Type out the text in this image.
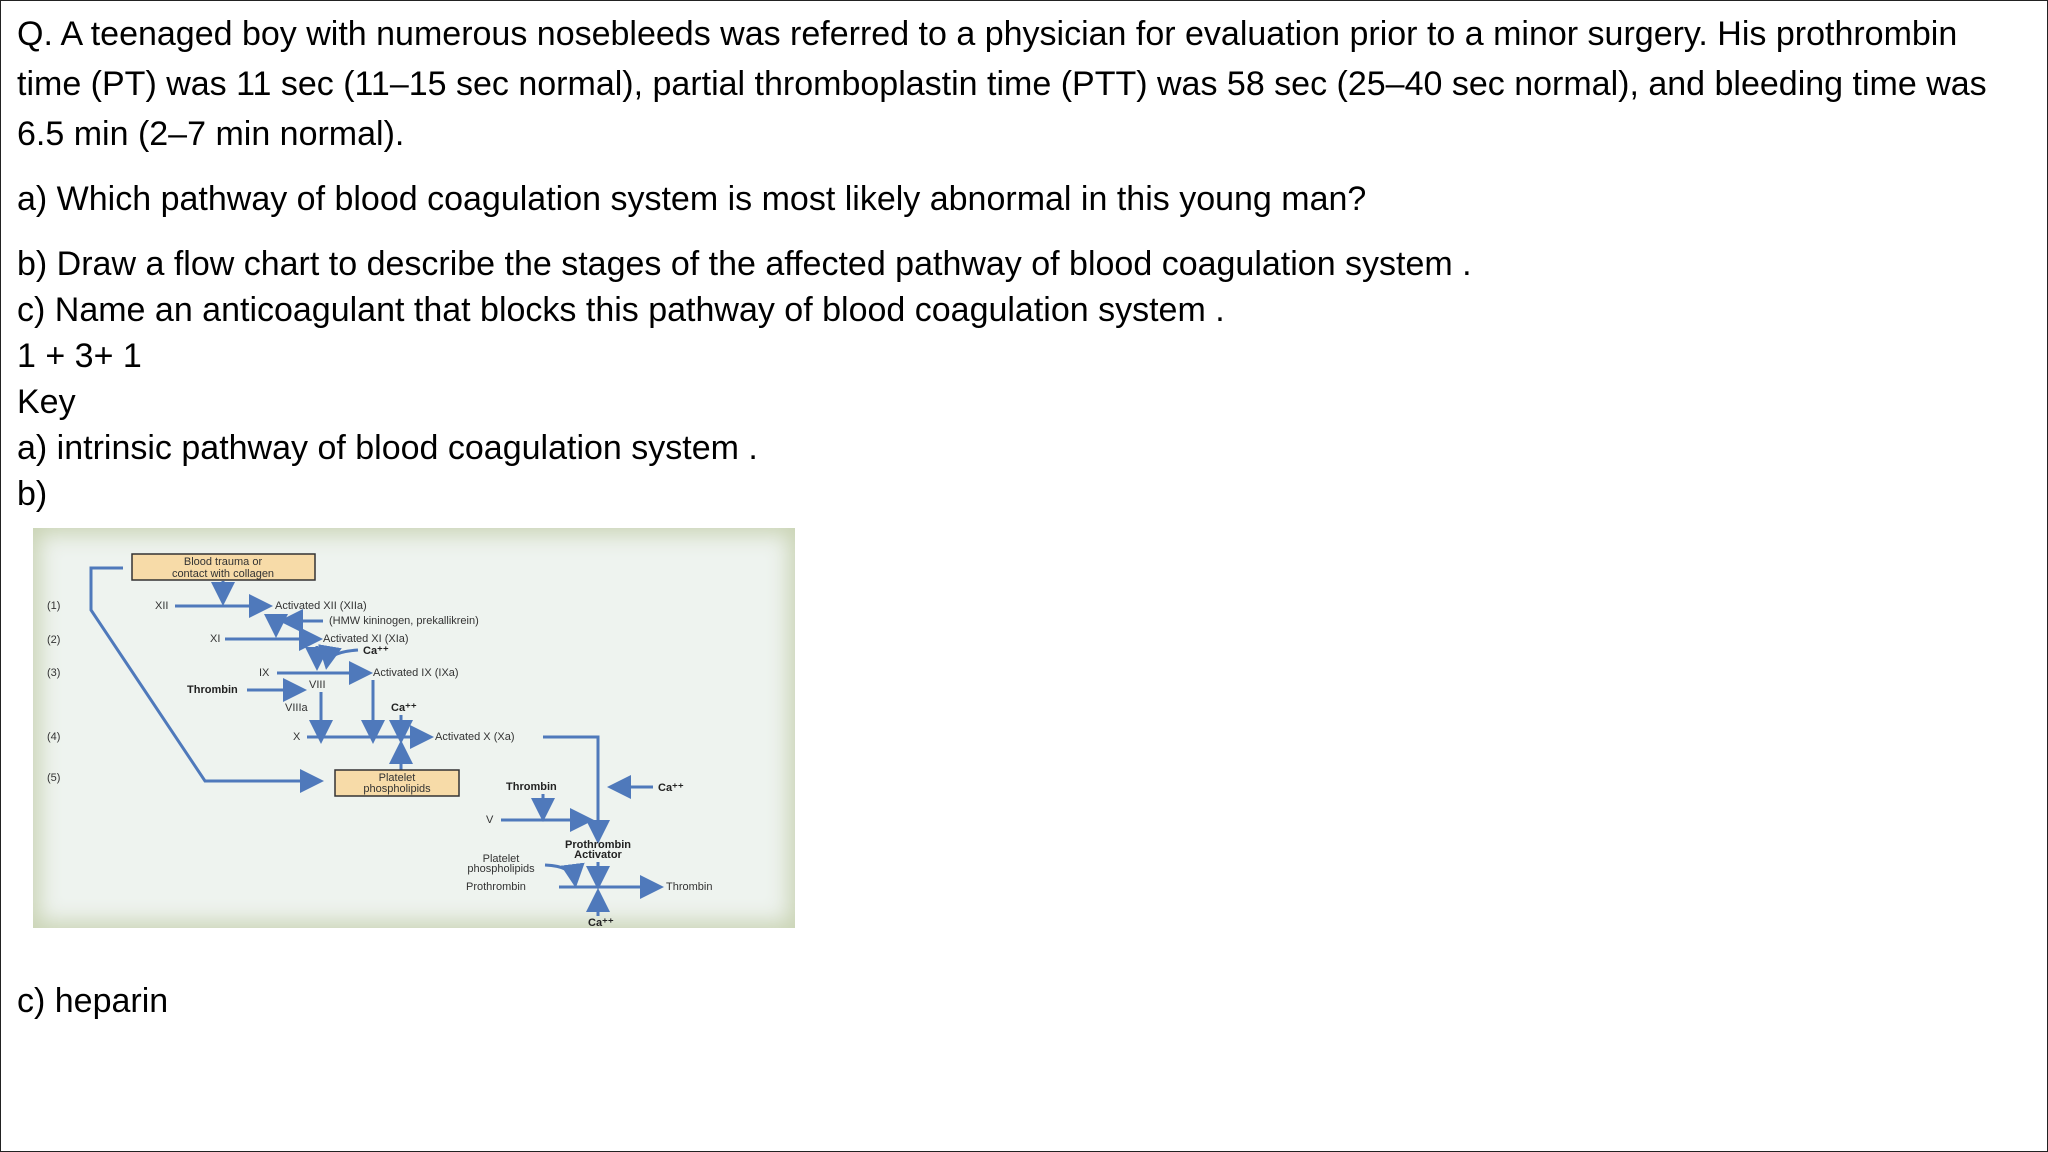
Q. A teenaged boy with numerous nosebleeds was referred to a physician for evaluation prior to a minor surgery. His prothrombin time (PT) was 11 sec (11–15 sec normal), partial thromboplastin time (PTT) was 58 sec (25–40 sec normal), and bleeding time was 6.5 min (2–7 min normal).
a) Which pathway of blood coagulation system is most likely abnormal in this young man?
b) Draw a flow chart to describe the stages of the affected pathway of blood coagulation system .
c) Name an anticoagulant that blocks this pathway of blood coagulation system .
1 + 3+ 1
Key
a) intrinsic pathway of blood coagulation system .
b)
Blood trauma or
contact with collagen
(1)
(2)
(3)
(4)
(5)
XII	Activated XII (XIIa)
(HMW kininogen, prekallikrein)
XI	Activated XI (XIa)
Ca⁺⁺
IX	Activated IX (IXa)
VIII
Thrombin
VIIIa	Ca⁺⁺
X	Activated X (Xa)
Platelet
phospholipids	Thrombin	Ca⁺⁺
V
Prothrombin
Activator
Platelet
phospholipids
Prothrombin	Thrombin
Ca⁺⁺
c) heparin
